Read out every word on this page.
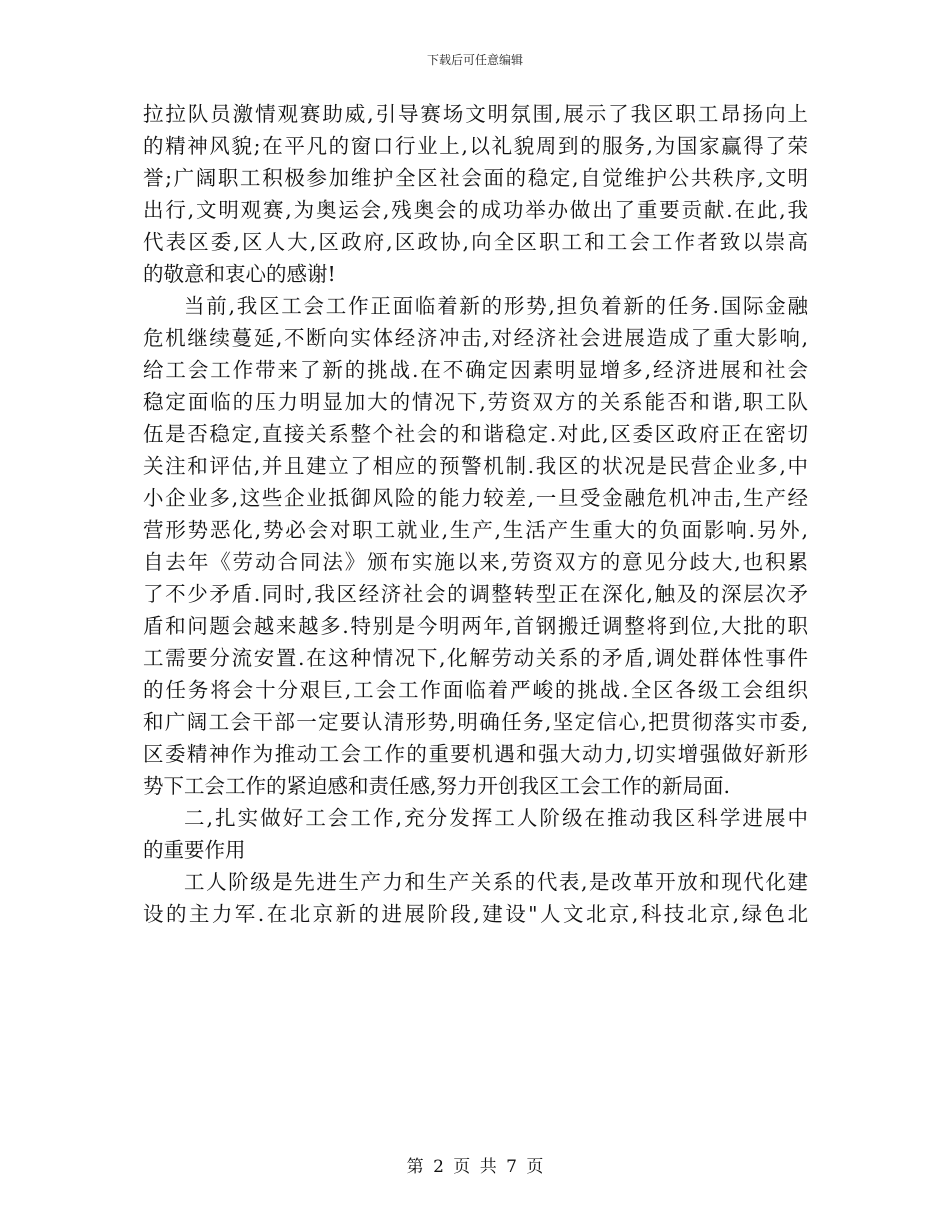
下载后可任意编辑

拉拉队员激情观赛助威,引导赛场文明氛围,展示了我区职工昂扬向上

的精神风貌;在平凡的窗口行业上,以礼貌周到的服务,为国家赢得了荣

誉;广阔职工积极参加维护全区社会面的稳定,自觉维护公共秩序,文明

出行,文明观赛,为奥运会,残奥会的成功举办做出了重要贡献.在此,我

代表区委,区人大,区政府,区政协,向全区职工和工会工作者致以崇高

的敬意和衷心的感谢!

当前,我区工会工作正面临着新的形势,担负着新的任务.国际金融

危机继续蔓延,不断向实体经济冲击,对经济社会进展造成了重大影响,

给工会工作带来了新的挑战.在不确定因素明显增多,经济进展和社会

稳定面临的压力明显加大的情况下,劳资双方的关系能否和谐,职工队

伍是否稳定,直接关系整个社会的和谐稳定.对此,区委区政府正在密切

关注和评估,并且建立了相应的预警机制.我区的状况是民营企业多,中

小企业多,这些企业抵御风险的能力较差,一旦受金融危机冲击,生产经

营形势恶化,势必会对职工就业,生产,生活产生重大的负面影响.另外,

自去年《劳动合同法》颁布实施以来,劳资双方的意见分歧大,也积累

了不少矛盾.同时,我区经济社会的调整转型正在深化,触及的深层次矛

盾和问题会越来越多.特别是今明两年,首钢搬迁调整将到位,大批的职

工需要分流安置.在这种情况下,化解劳动关系的矛盾,调处群体性事件

的任务将会十分艰巨,工会工作面临着严峻的挑战.全区各级工会组织

和广阔工会干部一定要认清形势,明确任务,坚定信心,把贯彻落实市委,

区委精神作为推动工会工作的重要机遇和强大动力,切实增强做好新形

势下工会工作的紧迫感和责任感,努力开创我区工会工作的新局面.

二,扎实做好工会工作,充分发挥工人阶级在推动我区科学进展中

的重要作用

工人阶级是先进生产力和生产关系的代表,是改革开放和现代化建

设的主力军.在北京新的进展阶段,建设"人文北京,科技北京,绿色北

第 2 页 共 7 页
